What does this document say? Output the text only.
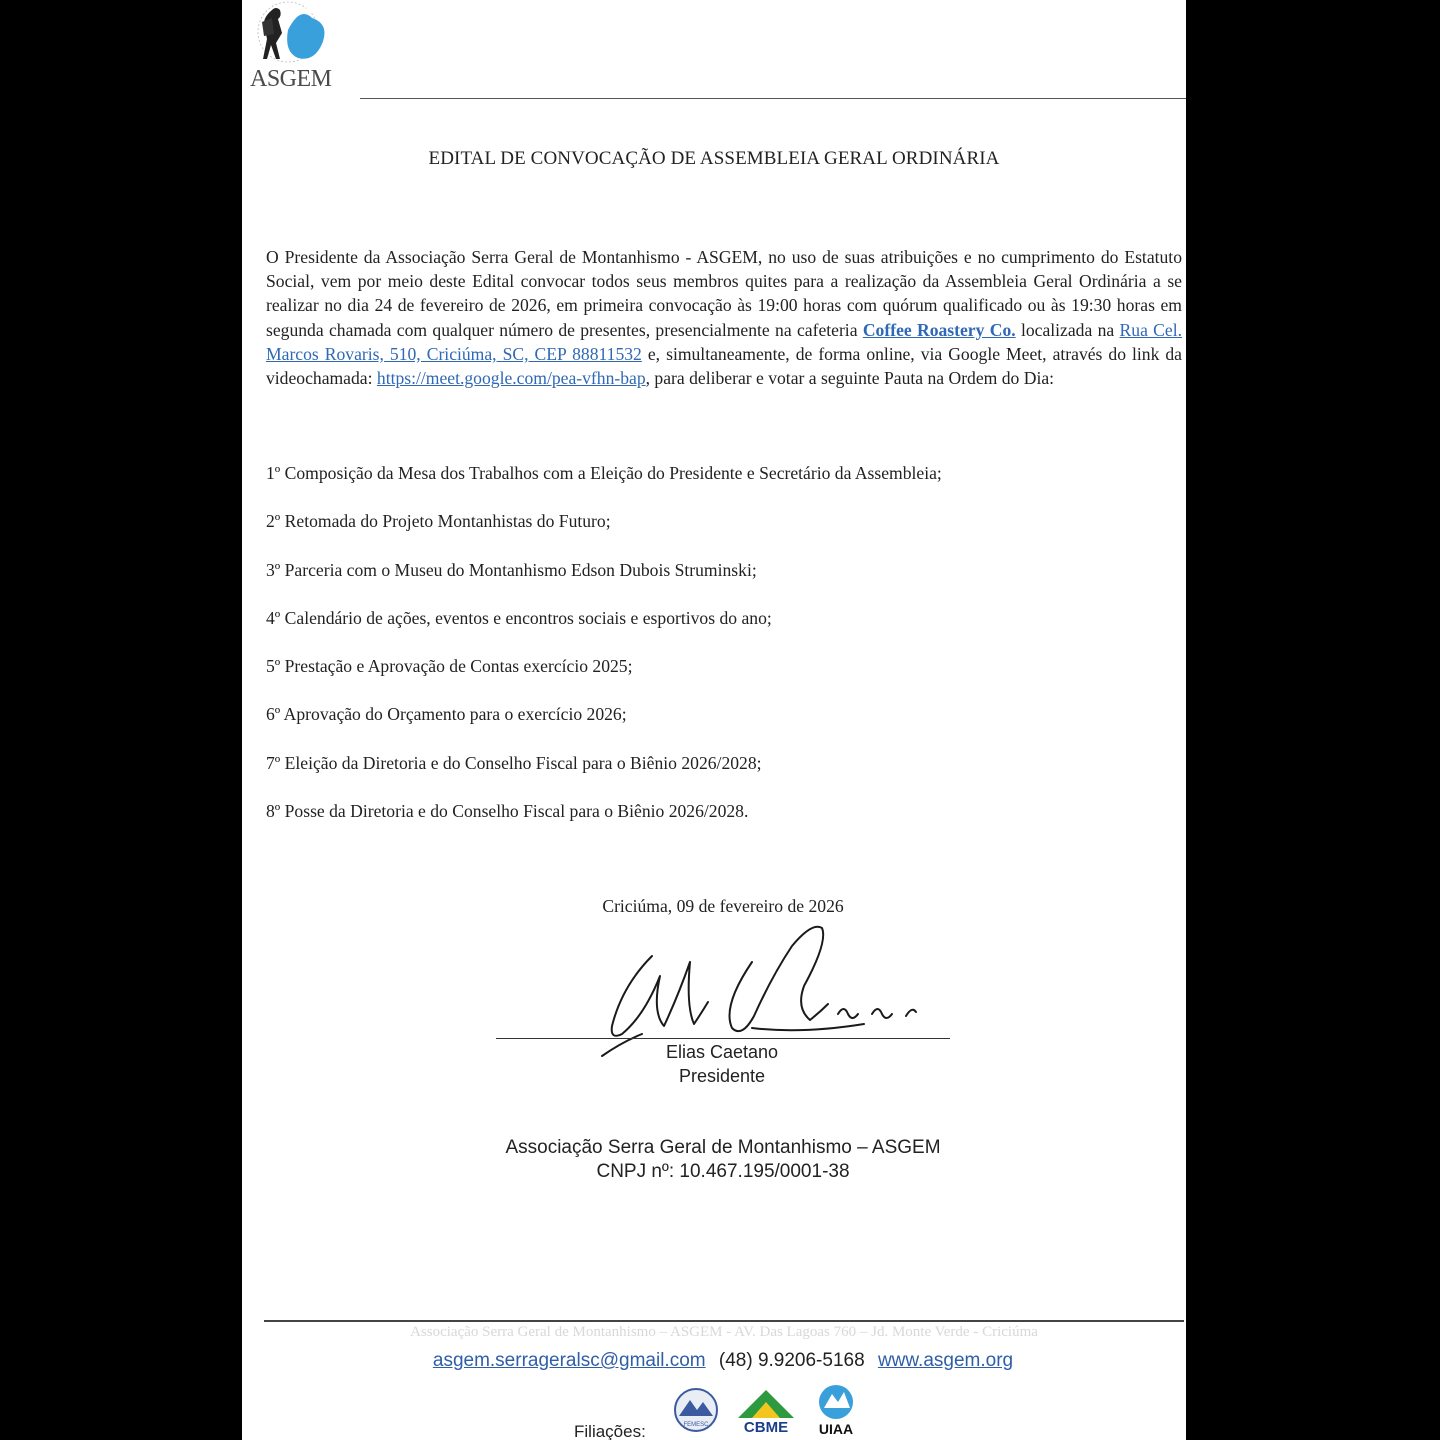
ASGEM
EDITAL DE CONVOCAÇÃO DE ASSEMBLEIA GERAL ORDINÁRIA
O Presidente da Associação Serra Geral de Montanhismo - ASGEM, no uso de suas atribuições e no cumprimento do Estatuto Social, vem por meio deste Edital convocar todos seus membros quites para a realização da Assembleia Geral Ordinária a se realizar no dia 24 de fevereiro de 2026, em primeira convocação às 19:00 horas com quórum qualificado ou às 19:30 horas em segunda chamada com qualquer número de presentes, presencialmente na cafeteria Coffee Roastery Co. localizada na Rua Cel. Marcos Rovaris, 510, Criciúma, SC, CEP 88811532 e, simultaneamente, de forma online, via Google Meet, através do link da videochamada: https://meet.google.com/pea-vfhn-bap, para deliberar e votar a seguinte Pauta na Ordem do Dia:
1º Composição da Mesa dos Trabalhos com a Eleição do Presidente e Secretário da Assembleia;
2º Retomada do Projeto Montanhistas do Futuro;
3º Parceria com o Museu do Montanhismo Edson Dubois Struminski;
4º Calendário de ações, eventos e encontros sociais e esportivos do ano;
5º Prestação e Aprovação de Contas exercício 2025;
6º Aprovação do Orçamento para o exercício 2026;
7º Eleição da Diretoria e do Conselho Fiscal para o Biênio 2026/2028;
8º Posse da Diretoria e do Conselho Fiscal para o Biênio 2026/2028.
Criciúma, 09 de fevereiro de 2026
Elias Caetano
Presidente
Associação Serra Geral de Montanhismo – ASGEM
CNPJ nº: 10.467.195/0001-38
Associação Serra Geral de Montanhismo – ASGEM - AV. Das Lagoas 760 – Jd. Monte Verde - Criciúma
asgem.serrageralsc@gmail.com (48) 9.9206-5168 www.asgem.org
Filiações:	FEMESC CBME UIAA
